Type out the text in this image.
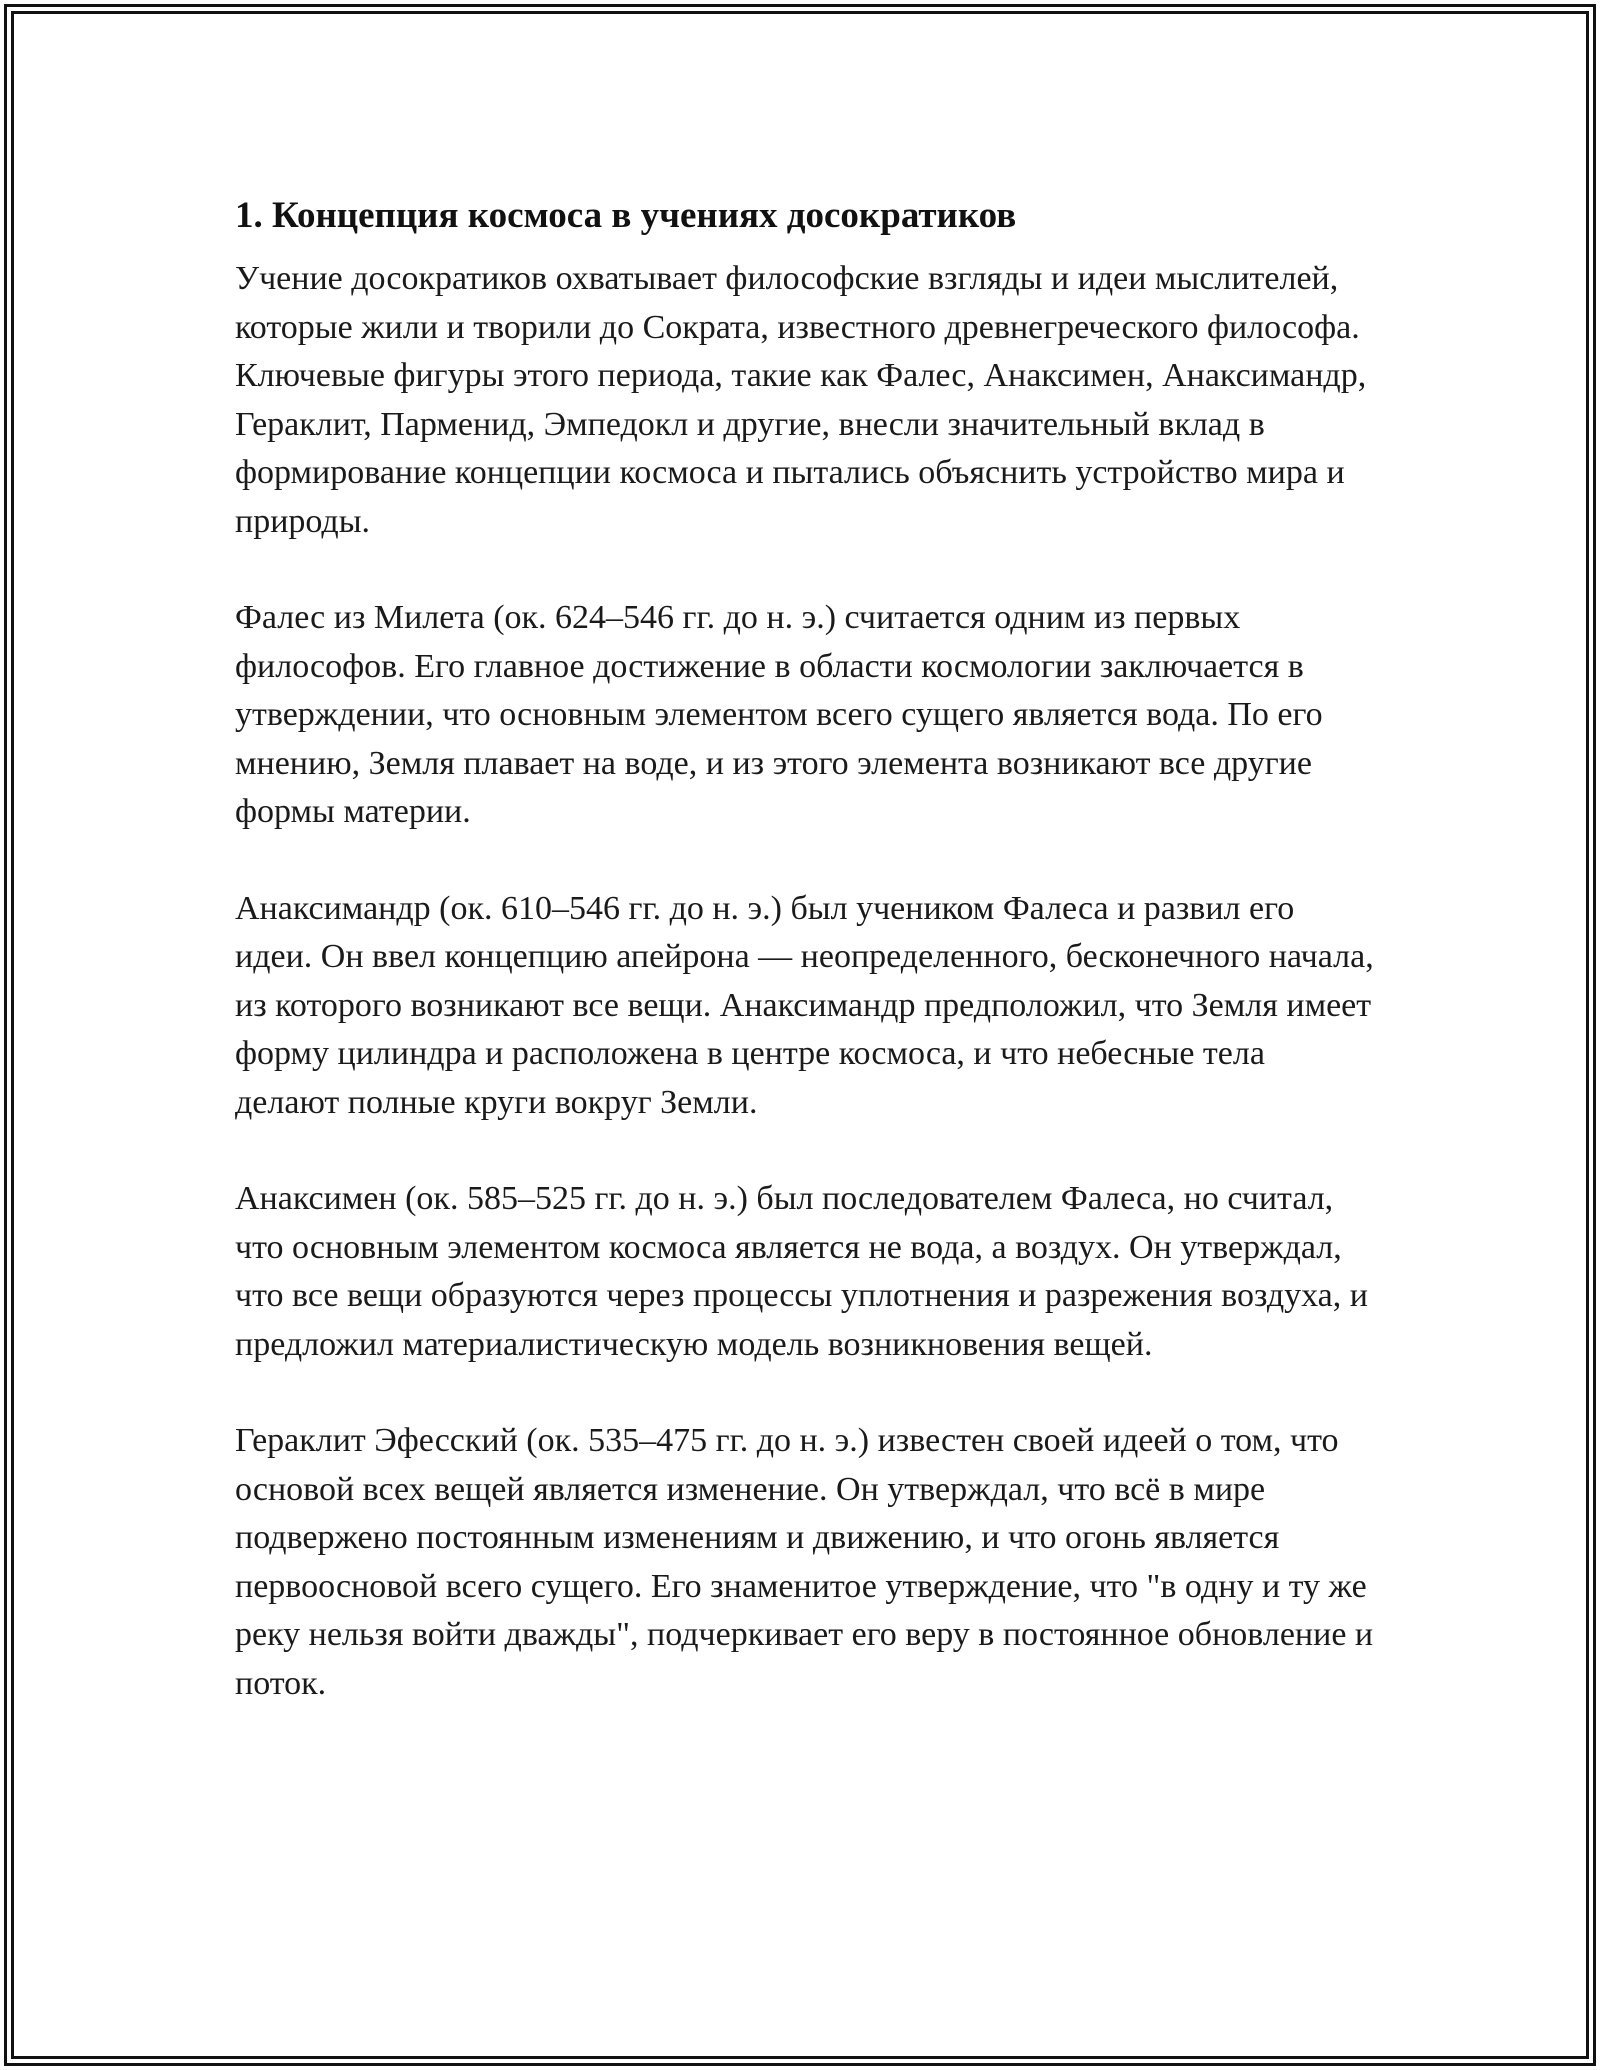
1. Концепция космоса в учениях досократиков

Учение досократиков охватывает философские взгляды и идеи мыслителей, которые жили и творили до Сократа, известного древнегреческого философа. Ключевые фигуры этого периода, такие как Фалес, Анаксимен, Анаксимандр, Гераклит, Парменид, Эмпедокл и другие, внесли значительный вклад в формирование концепции космоса и пытались объяснить устройство мира и природы.

Фалес из Милета (ок. 624–546 гг. до н. э.) считается одним из первых философов. Его главное достижение в области космологии заключается в утверждении, что основным элементом всего сущего является вода. По его мнению, Земля плавает на воде, и из этого элемента возникают все другие формы материи.

Анаксимандр (ок. 610–546 гг. до н. э.) был учеником Фалеса и развил его идеи. Он ввел концепцию апейрона — неопределенного, бесконечного начала, из которого возникают все вещи. Анаксимандр предположил, что Земля имеет форму цилиндра и расположена в центре космоса, и что небесные тела делают полные круги вокруг Земли.

Анаксимен (ок. 585–525 гг. до н. э.) был последователем Фалеса, но считал, что основным элементом космоса является не вода, а воздух. Он утверждал, что все вещи образуются через процессы уплотнения и разрежения воздуха, и предложил материалистическую модель возникновения вещей.

Гераклит Эфесский (ок. 535–475 гг. до н. э.) известен своей идеей о том, что основой всех вещей является изменение. Он утверждал, что всё в мире подвержено постоянным изменениям и движению, и что огонь является первоосновой всего сущего. Его знаменитое утверждение, что "в одну и ту же реку нельзя войти дважды", подчеркивает его веру в постоянное обновление и поток.
